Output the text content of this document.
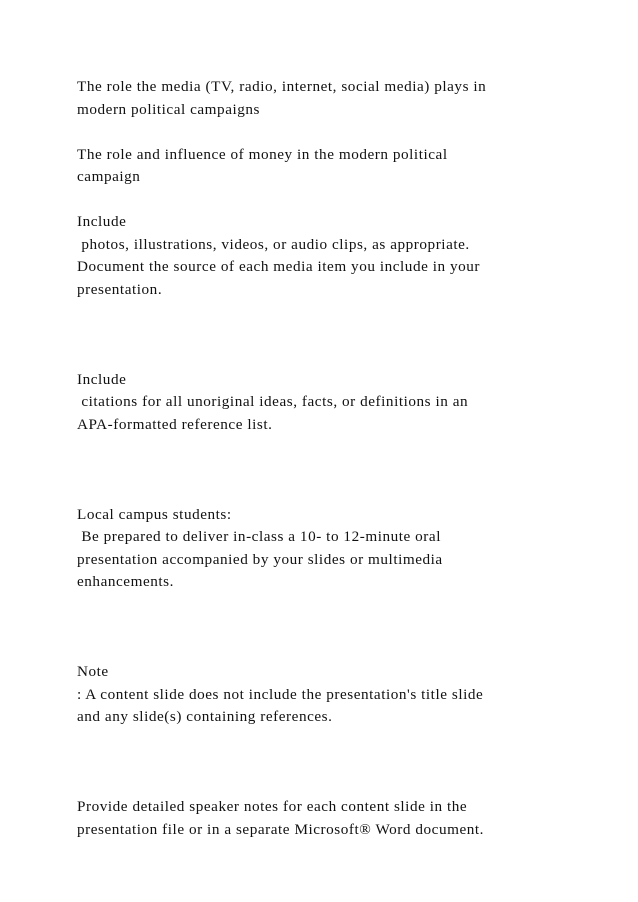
The role the media (TV, radio, internet, social media) plays in
modern political campaigns
The role and influence of money in the modern political
campaign
Include
photos, illustrations, videos, or audio clips, as appropriate.
Document the source of each media item you include in your
presentation.
Include
citations for all unoriginal ideas, facts, or definitions in an
APA-formatted reference list.
Local campus students:
Be prepared to deliver in-class a 10- to 12-minute oral
presentation accompanied by your slides or multimedia
enhancements.
Note
: A content slide does not include the presentation's title slide
and any slide(s) containing references.
Provide detailed speaker notes for each content slide in the
presentation file or in a separate Microsoft® Word document.
